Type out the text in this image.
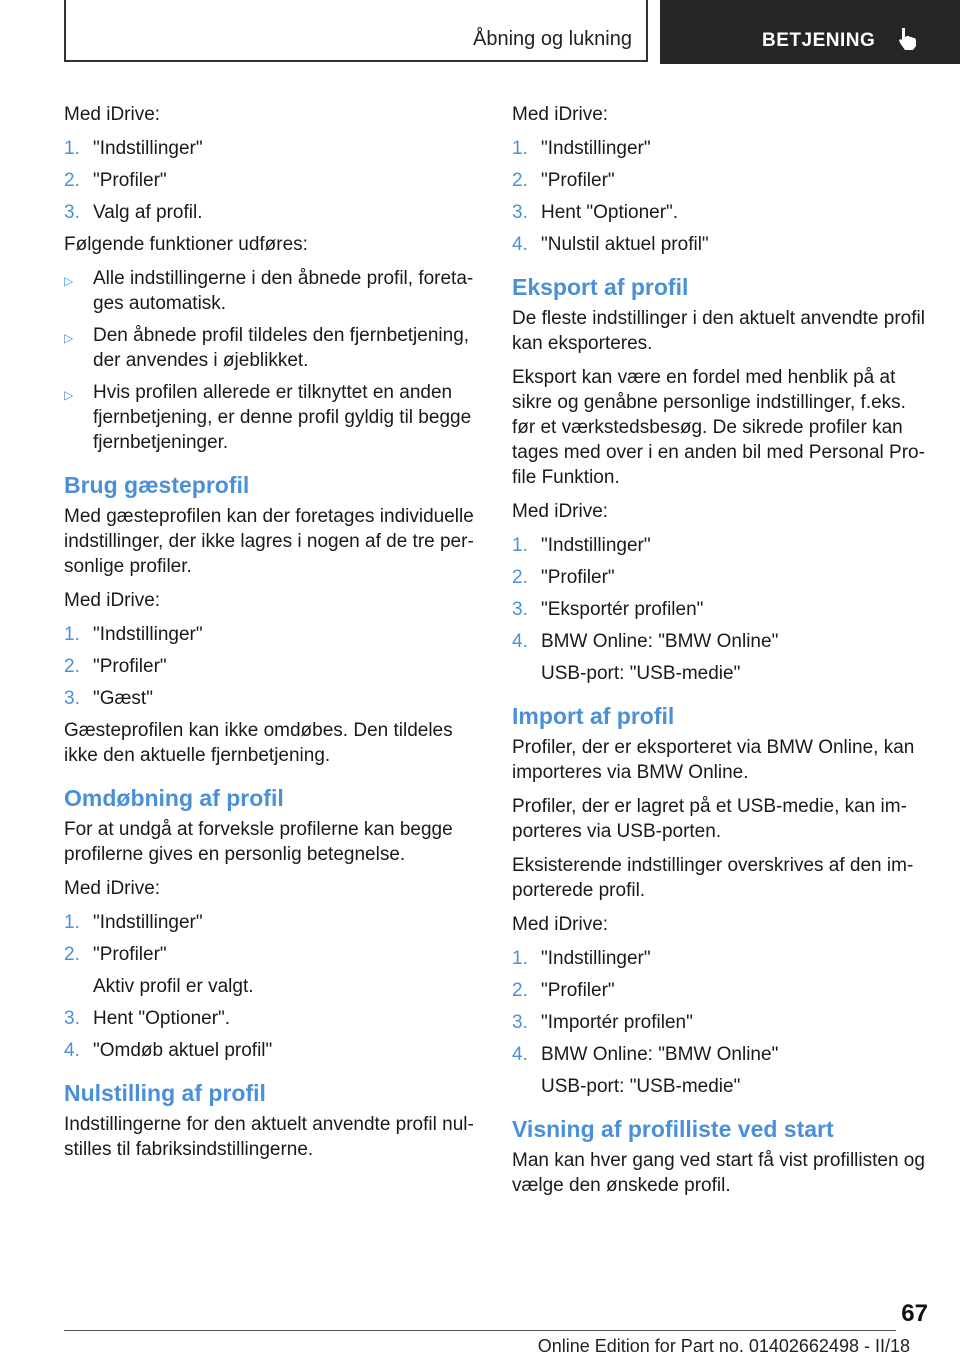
Åbning og lukning	BETJENING

Med iDrive:

1. "Indstillinger"
2. "Profiler"
3. Valg af profil.

Følgende funktioner udføres:

▷	Alle indstillingerne i den åbnede profil, foretages automatisk.
▷	Den åbnede profil tildeles den fjernbetjening, der anvendes i øjeblikket.
▷	Hvis profilen allerede er tilknyttet en anden fjernbetjening, er denne profil gyldig til begge fjernbetjeninger.
Brug gæsteprofil

Med gæsteprofilen kan der foretages individuelle indstillinger, der ikke lagres i nogen af de tre personlige profiler.

Med iDrive:

1. "Indstillinger"
2. "Profiler"
3. "Gæst"

Gæsteprofilen kan ikke omdøbes. Den tildeles ikke den aktuelle fjernbetjening.

Omdøbning af profil

For at undgå at forveksle profilerne kan begge profilerne gives en personlig betegnelse.

Med iDrive:

1. "Indstillinger"
2. "Profiler"

Aktiv profil er valgt.

3. Hent "Optioner".
4. "Omdøb aktuel profil"
Nulstilling af profil

Indstillingerne for den aktuelt anvendte profil nulstilles til fabriksindstillingerne.

Med iDrive:

1. "Indstillinger"
2. "Profiler"
3. Hent "Optioner".
4. "Nulstil aktuel profil"
Eksport af profil

De fleste indstillinger i den aktuelt anvendte profil kan eksporteres.

Eksport kan være en fordel med henblik på at sikre og genåbne personlige indstillinger, f.eks. før et værkstedsbesøg. De sikrede profiler kan tages med over i en anden bil med Personal Profile Funktion.

Med iDrive:

1. "Indstillinger"
2. "Profiler"
3. "Eksportér profilen"
4. BMW Online: "BMW Online"

USB-port: "USB-medie"

Import af profil

Profiler, der er eksporteret via BMW Online, kan importeres via BMW Online.

Profiler, der er lagret på et USB-medie, kan importeres via USB-porten.

Eksisterende indstillinger overskrives af den importerede profil.

Med iDrive:

1. "Indstillinger"
2. "Profiler"
3. "Importér profilen"
4. BMW Online: "BMW Online"

USB-port: "USB-medie"

Visning af profilliste ved start

Man kan hver gang ved start få vist profillisten og vælge den ønskede profil.

67
Online Edition for Part no. 01402662498 - II/18
